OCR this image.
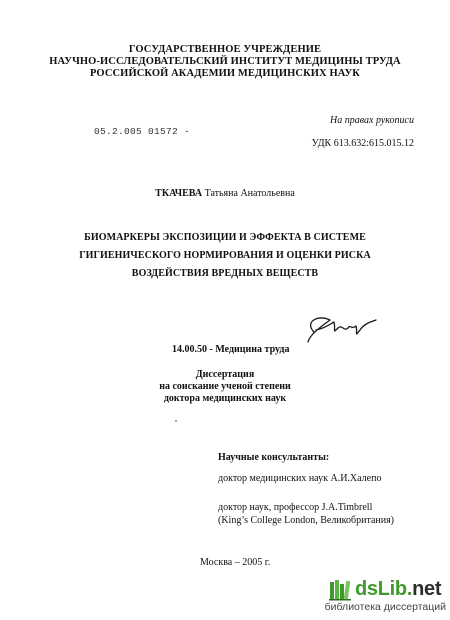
ГОСУДАРСТВЕННОЕ УЧРЕЖДЕНИЕ
НАУЧНО-ИССЛЕДОВАТЕЛЬСКИЙ ИНСТИТУТ МЕДИЦИНЫ ТРУДА
РОССИЙСКОЙ АКАДЕМИИ МЕДИЦИНСКИХ НАУК
На правах рукописи
05.2.005 01572 -
УДК 613.632:615.015.12
ТКАЧЕВА Татьяна Анатольевна
БИОМАРКЕРЫ ЭКСПОЗИЦИИ И ЭФФЕКТА В СИСТЕМЕ
ГИГИЕНИЧЕСКОГО НОРМИРОВАНИЯ И ОЦЕНКИ РИСКА
ВОЗДЕЙСТВИЯ ВРЕДНЫХ ВЕЩЕСТВ
14.00.50 - Медицина труда
Диссертация
на соискание ученой степени
доктора медицинских наук
Научные консультанты:
доктор медицинских наук А.И.Халепо
доктор наук, профессор J.A.Timbrell
(King’s College London, Великобритания)
Москва – 2005 г.
dsLib.net
библиотека диссертаций
